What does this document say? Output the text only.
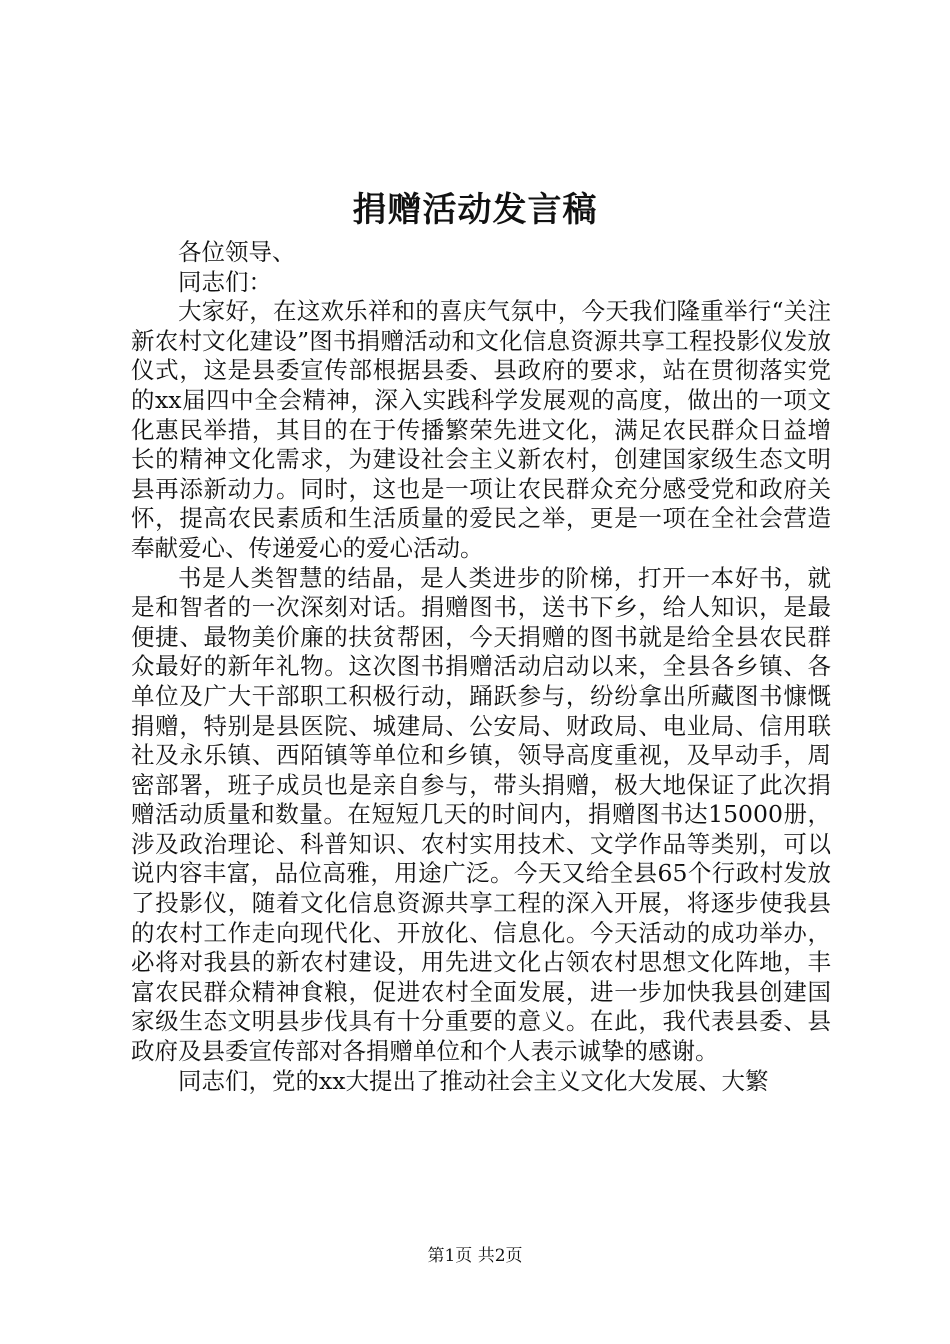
捐赠活动发言稿

各位领导、

同志们：

大家好，在这欢乐祥和的喜庆气氛中，今天我们隆重举行“关注新农村文化建设”图书捐赠活动和文化信息资源共享工程投影仪发放仪式，这是县委宣传部根据县委、县政府的要求，站在贯彻落实党的xx届四中全会精神，深入实践科学发展观的高度，做出的一项文化惠民举措，其目的在于传播繁荣先进文化，满足农民群众日益增长的精神文化需求，为建设社会主义新农村，创建国家级生态文明县再添新动力。同时，这也是一项让农民群众充分感受党和政府关怀，提高农民素质和生活质量的爱民之举，更是一项在全社会营造奉献爱心、传递爱心的爱心活动。

书是人类智慧的结晶，是人类进步的阶梯，打开一本好书，就是和智者的一次深刻对话。捐赠图书，送书下乡，给人知识，是最便捷、最物美价廉的扶贫帮困，今天捐赠的图书就是给全县农民群众最好的新年礼物。这次图书捐赠活动启动以来，全县各乡镇、各单位及广大干部职工积极行动，踊跃参与，纷纷拿出所藏图书慷慨捐赠，特别是县医院、城建局、公安局、财政局、电业局、信用联社及永乐镇、西陌镇等单位和乡镇，领导高度重视，及早动手，周密部署，班子成员也是亲自参与，带头捐赠，极大地保证了此次捐赠活动质量和数量。在短短几天的时间内，捐赠图书达15000册，涉及政治理论、科普知识、农村实用技术、文学作品等类别，可以说内容丰富，品位高雅，用途广泛。今天又给全县65个行政村发放了投影仪，随着文化信息资源共享工程的深入开展，将逐步使我县的农村工作走向现代化、开放化、信息化。今天活动的成功举办，必将对我县的新农村建设，用先进文化占领农村思想文化阵地，丰富农民群众精神食粮，促进农村全面发展，进一步加快我县创建国家级生态文明县步伐具有十分重要的意义。在此，我代表县委、县政府及县委宣传部对各捐赠单位和个人表示诚挚的感谢。

同志们，党的xx大提出了推动社会主义文化大发展、大繁

第1页 共2页
